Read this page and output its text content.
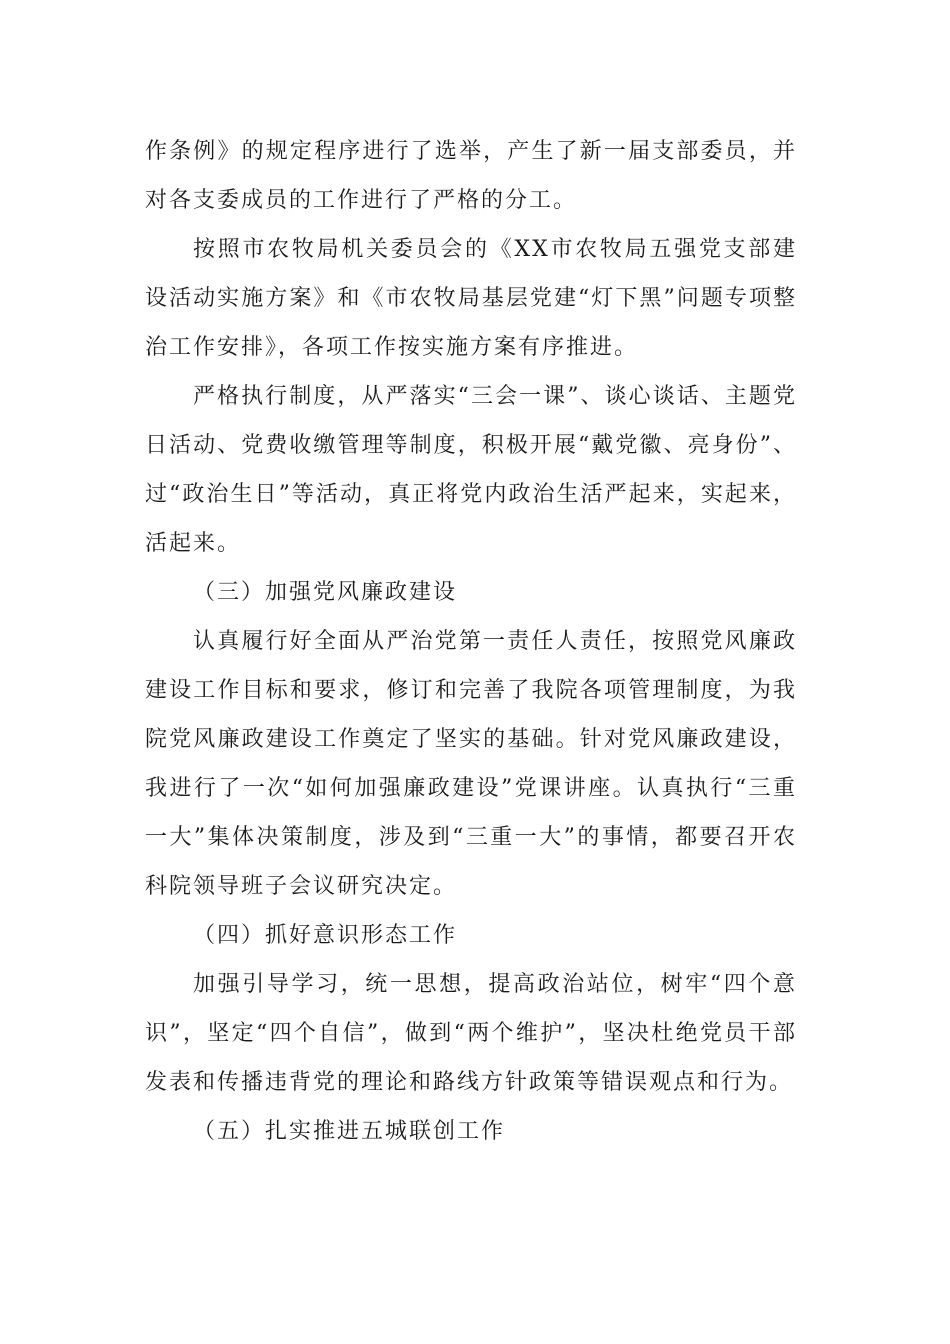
作条例》的规定程序进行了选举，产生了新一届支部委员，并对各支委成员的工作进行了严格的分工。

按照市农牧局机关委员会的《XX市农牧局五强党支部建设活动实施方案》和《市农牧局基层党建“灯下黑”问题专项整治工作安排》，各项工作按实施方案有序推进。

严格执行制度，从严落实“三会一课”、谈心谈话、主题党日活动、党费收缴管理等制度，积极开展“戴党徽、亮身份”、过“政治生日”等活动，真正将党内政治生活严起来，实起来，活起来。

（三）加强党风廉政建设

认真履行好全面从严治党第一责任人责任，按照党风廉政建设工作目标和要求，修订和完善了我院各项管理制度，为我院党风廉政建设工作奠定了坚实的基础。针对党风廉政建设，我进行了一次“如何加强廉政建设”党课讲座。认真执行“三重一大”集体决策制度，涉及到“三重一大”的事情，都要召开农科院领导班子会议研究决定。

（四）抓好意识形态工作

加强引导学习，统一思想，提高政治站位，树牢“四个意识”，坚定“四个自信”，做到“两个维护”，坚决杜绝党员干部发表和传播违背党的理论和路线方针政策等错误观点和行为。

（五）扎实推进五城联创工作
